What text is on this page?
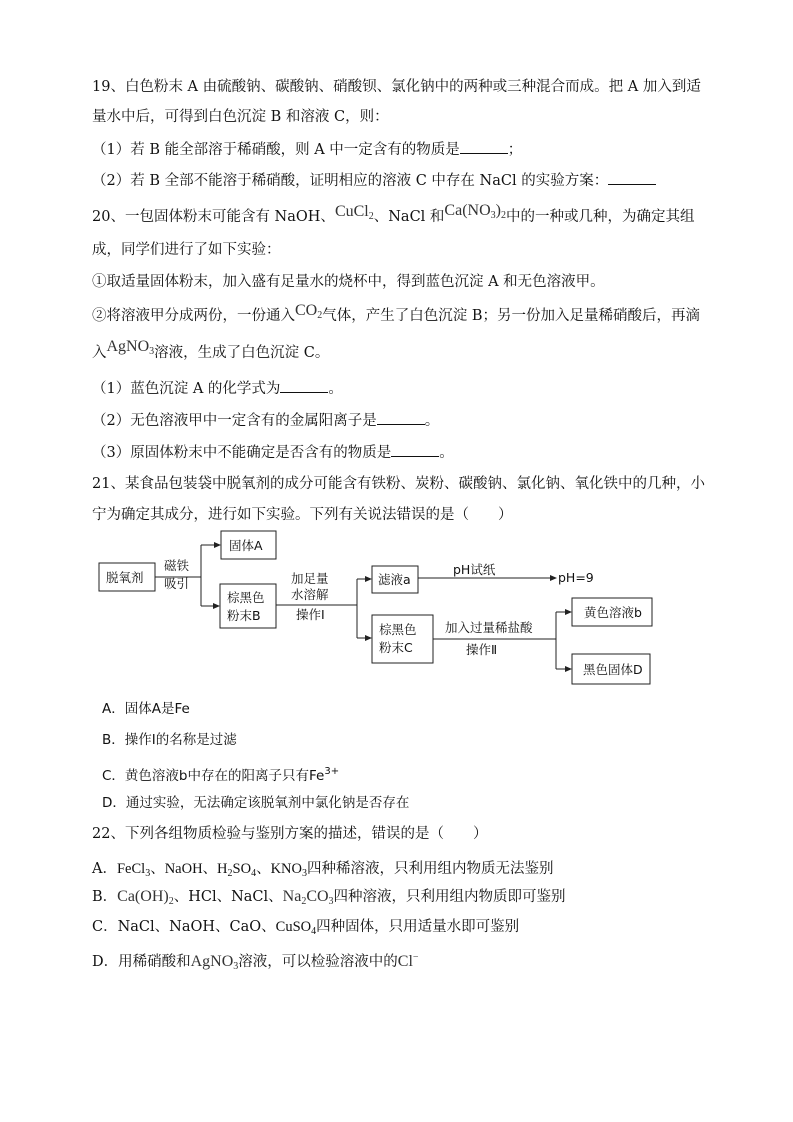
19、白色粉末 A 由硫酸钠、碳酸钠、硝酸钡、氯化钠中的两种或三种混合而成。把 A 加入到适
量水中后，可得到白色沉淀 B 和溶液 C，则：
（1）若 B 能全部溶于稀硝酸，则 A 中一定含有的物质是	；
（2）若 B 全部不能溶于稀硝酸，证明相应的溶液 C 中存在 NaCl 的实验方案：
20、一包固体粉末可能含有 NaOH、CuCl$_2$、NaCl 和$Ca(NO_3)_2$中的一种或几种，为确定其组
成，同学们进行了如下实验：
①取适量固体粉末，加入盛有足量水的烧杯中，得到蓝色沉淀 A 和无色溶液甲。
②将溶液甲分成两份，一份通入$CO_2$气体，产生了白色沉淀 B；另一份加入足量稀硝酸后，再滴
入AgNO$_3$溶液，生成了白色沉淀 C。
（1）蓝色沉淀 A 的化学式为	。
（2）无色溶液甲中一定含有的金属阳离子是	。
（3）原固体粉末中不能确定是否含有的物质是	。
21、某食品包装袋中脱氧剂的成分可能含有铁粉、炭粉、碳酸钠、氯化钠、氧化铁中的几种，小
宁为确定其成分，进行如下实验。下列有关说法错误的是（　　）
脱氧剂
磁铁
吸引
固体A
棕黑色
粉末B
加足量
水溶解
操作I
滤液a
pH试纸
pH=9
棕黑色
粉末C
加入过量稀盐酸
操作Ⅱ
黄色溶液b
黑色固体D
A．固体A是Fe
B．操作I的名称是过滤
C．黄色溶液b中存在的阳离子只有$Fe^{3+}$
D．通过实验，无法确定该脱氧剂中氯化钠是否存在
22、下列各组物质检验与鉴别方案的描述，错误的是（　　）
A．FeCl$_3$、NaOH、$H_2SO_4$、$KNO_3$四种稀溶液，只利用组内物质无法鉴别
B．$Ca(OH)_2$、HCl、NaCl、$Na_2CO_3$四种溶液，只利用组内物质即可鉴别
C．NaCl、NaOH、CaO、CuSO$_4$四种固体，只用适量水即可鉴别
D．用稀硝酸和AgNO$_3$溶液，可以检验溶液中的Cl−
